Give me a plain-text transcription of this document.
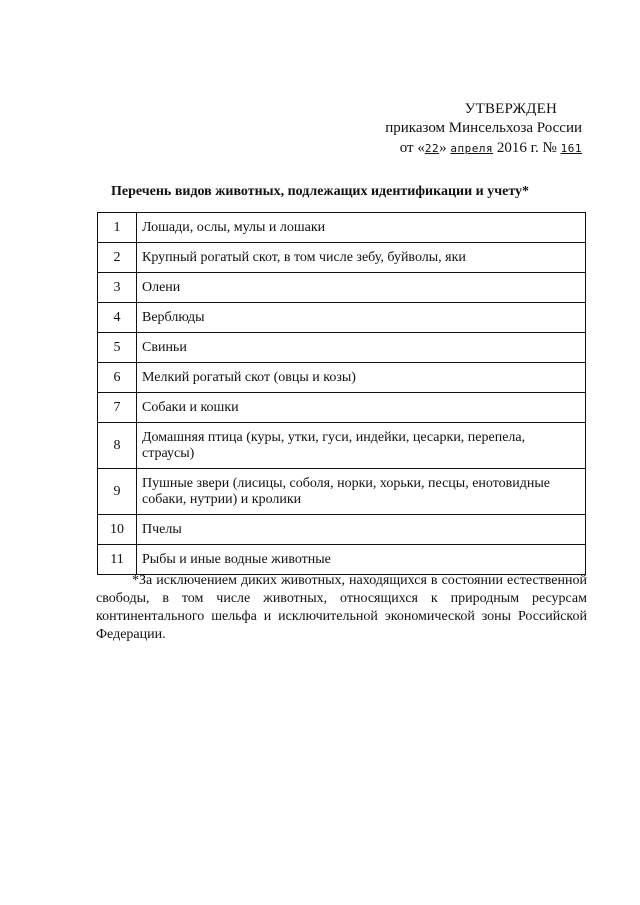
УТВЕРЖДЕН
приказом Минсельхоза России
от «22» апреля 2016 г. № 161
Перечень видов животных, подлежащих идентификации и учету*
1	Лошади, ослы, мулы и лошаки
2	Крупный рогатый скот, в том числе зебу, буйволы, яки
3	Олени
4	Верблюды
5	Свиньи
6	Мелкий рогатый скот (овцы и козы)
7	Собаки и кошки
8	Домашняя птица (куры, утки, гуси, индейки, цесарки, перепела, страусы)
9	Пушные звери (лисицы, соболя, норки, хорьки, песцы, енотовидные собаки, нутрии) и кролики
10	Пчелы
11	Рыбы и иные водные животные
*За исключением диких животных, находящихся в состоянии естественной свободы, в том числе животных, относящихся к природным ресурсам континентального шельфа и исключительной экономической зоны Российской Федерации.
